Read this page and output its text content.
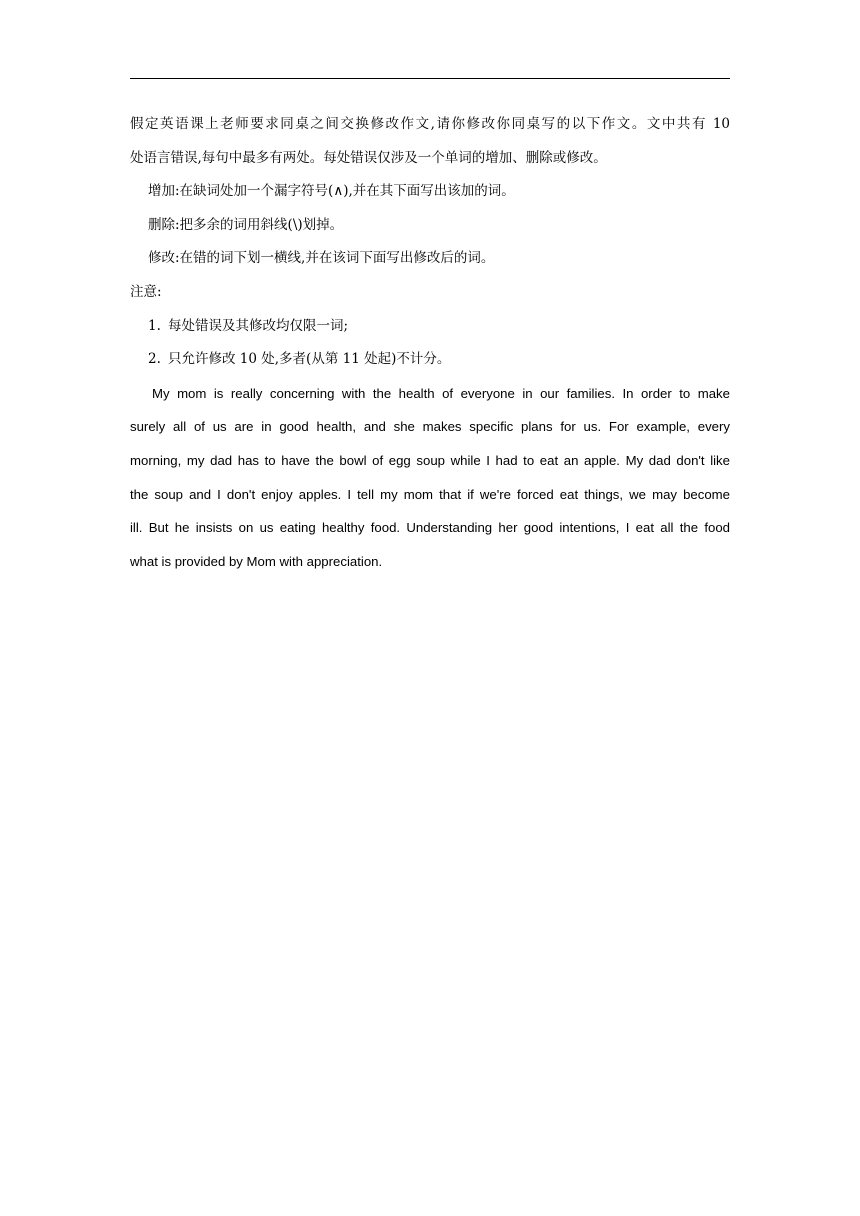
假定英语课上老师要求同桌之间交换修改作文,请你修改你同桌写的以下作文。文中共有 10

处语言错误,每句中最多有两处。每处错误仅涉及一个单词的增加、删除或修改。

增加:在缺词处加一个漏字符号(∧),并在其下面写出该加的词。

删除:把多余的词用斜线(\)划掉。

修改:在错的词下划一横线,并在该词下面写出修改后的词。

注意:

1. 每处错误及其修改均仅限一词;
2. 只允许修改 10 处,多者(从第 11 处起)不计分。
My mom is really concerning with the health of everyone in our families. In order to make
surely all of us are in good health, and she makes specific plans for us. For example, every
morning, my dad has to have the bowl of egg soup while I had to eat an apple. My dad don't like
the soup and I don't enjoy apples. I tell my mom that if we're forced eat things, we may become
ill. But he insists on us eating healthy food. Understanding her good intentions, I eat all the food
what is provided by Mom with appreciation.
